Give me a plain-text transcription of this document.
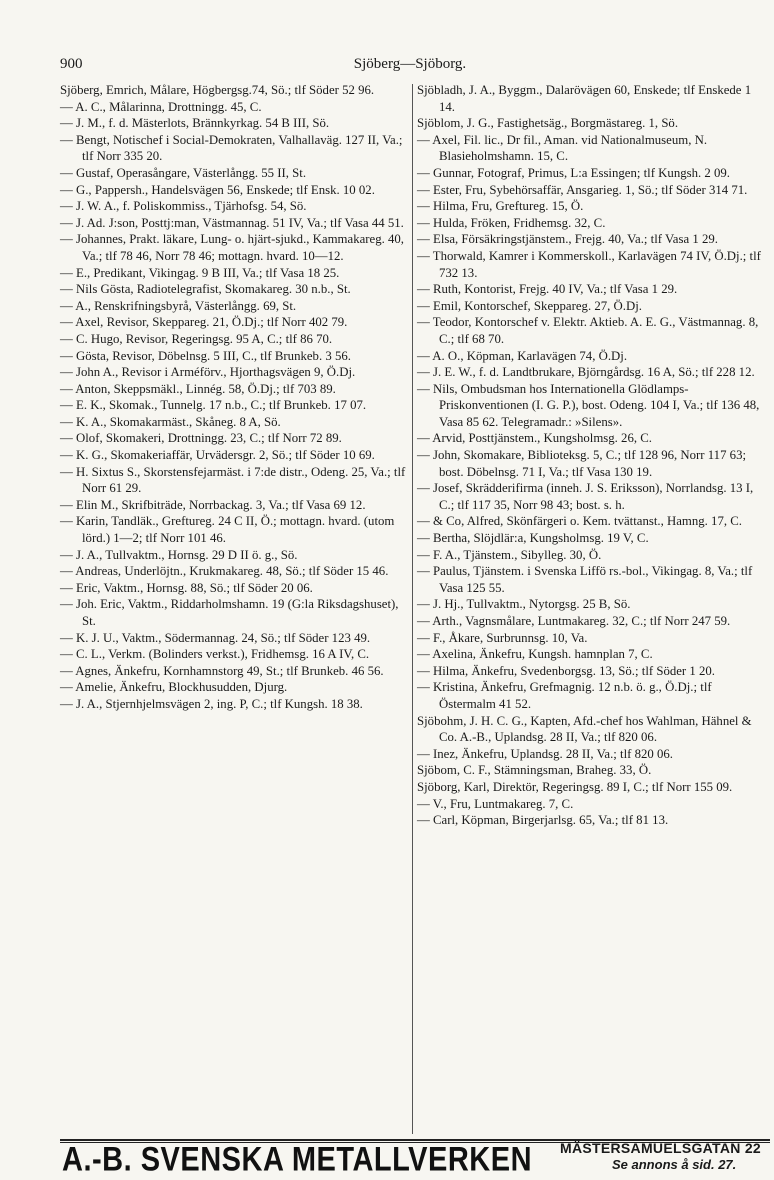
900	Sjöberg—Sjöborg.

Sjöberg, Emrich, Målare, Högbergsg.74, Sö.; tlf Söder 52 96.

— A. C., Målarinna, Drottningg. 45, C.

— J. M., f. d. Mästerlots, Brännkyrkag. 54 B III, Sö.

— Bengt, Notischef i Social-Demokraten, Valhallaväg. 127 II, Va.; tlf Norr 335 20.

— Gustaf, Operasångare, Västerlångg. 55 II, St.

— G., Pappersh., Handelsvägen 56, Enskede; tlf Ensk. 10 02.

— J. W. A., f. Poliskommiss., Tjärhofsg. 54, Sö.

— J. Ad. J:son, Posttj:man, Västmannag. 51 IV, Va.; tlf Vasa 44 51.

— Johannes, Prakt. läkare, Lung- o. hjärt-sjukd., Kammakareg. 40, Va.; tlf 78 46, Norr 78 46; mottagn. hvard. 10—12.

— E., Predikant, Vikingag. 9 B III, Va.; tlf Vasa 18 25.

— Nils Gösta, Radiotelegrafist, Skomakareg. 30 n.b., St.

— A., Renskrifningsbyrå, Västerlångg. 69, St.

— Axel, Revisor, Skeppareg. 21, Ö.Dj.; tlf Norr 402 79.

— C. Hugo, Revisor, Regeringsg. 95 A, C.; tlf 86 70.

— Gösta, Revisor, Döbelnsg. 5 III, C., tlf Brunkeb. 3 56.

— John A., Revisor i Arméförv., Hjorthagsvägen 9, Ö.Dj.

— Anton, Skeppsmäkl., Linnég. 58, Ö.Dj.; tlf 703 89.

— E. K., Skomak., Tunnelg. 17 n.b., C.; tlf Brunkeb. 17 07.

— K. A., Skomakarmäst., Skåneg. 8 A, Sö.

— Olof, Skomakeri, Drottningg. 23, C.; tlf Norr 72 89.

— K. G., Skomakeriaffär, Urvädersgr. 2, Sö.; tlf Söder 10 69.

— H. Sixtus S., Skorstensfejarmäst. i 7:de distr., Odeng. 25, Va.; tlf Norr 61 29.

— Elin M., Skrifbiträde, Norrbackag. 3, Va.; tlf Vasa 69 12.

— Karin, Tandläk., Greftureg. 24 C II, Ö.; mottagn. hvard. (utom lörd.) 1—2; tlf Norr 101 46.

— J. A., Tullvaktm., Hornsg. 29 D II ö. g., Sö.

— Andreas, Underlöjtn., Krukmakareg. 48, Sö.; tlf Söder 15 46.

— Eric, Vaktm., Hornsg. 88, Sö.; tlf Söder 20 06.

— Joh. Eric, Vaktm., Riddarholmshamn. 19 (G:la Riksdagshuset), St.

— K. J. U., Vaktm., Södermannag. 24, Sö.; tlf Söder 123 49.

— C. L., Verkm. (Bolinders verkst.), Fridhemsg. 16 A IV, C.

— Agnes, Änkefru, Kornhamnstorg 49, St.; tlf Brunkeb. 46 56.

— Amelie, Änkefru, Blockhusudden, Djurg.

— J. A., Stjernhjelmsvägen 2, ing. P, C.; tlf Kungsh. 18 38.

Sjöbladh, J. A., Byggm., Dalarövägen 60, Enskede; tlf Enskede 1 14.

Sjöblom, J. G., Fastighetsäg., Borgmästareg. 1, Sö.

— Axel, Fil. lic., Dr fil., Aman. vid Nationalmuseum, N. Blasieholmshamn. 15, C.

— Gunnar, Fotograf, Primus, L:a Essingen; tlf Kungsh. 2 09.

— Ester, Fru, Sybehörsaffär, Ansgarieg. 1, Sö.; tlf Söder 314 71.

— Hilma, Fru, Greftureg. 15, Ö.

— Hulda, Fröken, Fridhemsg. 32, C.

— Elsa, Försäkringstjänstem., Frejg. 40, Va.; tlf Vasa 1 29.

— Thorwald, Kamrer i Kommerskoll., Karlavägen 74 IV, Ö.Dj.; tlf 732 13.

— Ruth, Kontorist, Frejg. 40 IV, Va.; tlf Vasa 1 29.

— Emil, Kontorschef, Skeppareg. 27, Ö.Dj.

— Teodor, Kontorschef v. Elektr. Aktieb. A. E. G., Västmannag. 8, C.; tlf 68 70.

— A. O., Köpman, Karlavägen 74, Ö.Dj.

— J. E. W., f. d. Landtbrukare, Björngårdsg. 16 A, Sö.; tlf 228 12.

— Nils, Ombudsman hos Internationella Glödlamps-Priskonventionen (I. G. P.), bost. Odeng. 104 I, Va.; tlf 136 48, Vasa 85 62. Telegramadr.: »Silens».

— Arvid, Posttjänstem., Kungsholmsg. 26, C.

— John, Skomakare, Biblioteksg. 5, C.; tlf 128 96, Norr 117 63; bost. Döbelnsg. 71 I, Va.; tlf Vasa 130 19.

— Josef, Skrädderifirma (inneh. J. S. Eriksson), Norrlandsg. 13 I, C.; tlf 117 35, Norr 98 43; bost. s. h.

— & Co, Alfred, Skönfärgeri o. Kem. tvättanst., Hamng. 17, C.

— Bertha, Slöjdlär:a, Kungsholmsg. 19 V, C.

— F. A., Tjänstem., Sibylleg. 30, Ö.

— Paulus, Tjänstem. i Svenska Liffö rs.-bol., Vikingag. 8, Va.; tlf Vasa 125 55.

— J. Hj., Tullvaktm., Nytorgsg. 25 B, Sö.

— Arth., Vagnsmålare, Luntmakareg. 32, C.; tlf Norr 247 59.

— F., Åkare, Surbrunnsg. 10, Va.

— Axelina, Änkefru, Kungsh. hamnplan 7, C.

— Hilma, Änkefru, Svedenborgsg. 13, Sö.; tlf Söder 1 20.

— Kristina, Änkefru, Grefmagnig. 12 n.b. ö. g., Ö.Dj.; tlf Östermalm 41 52.

Sjöbohm, J. H. C. G., Kapten, Afd.-chef hos Wahlman, Hähnel & Co. A.-B., Uplandsg. 28 II, Va.; tlf 820 06.

— Inez, Änkefru, Uplandsg. 28 II, Va.; tlf 820 06.

Sjöbom, C. F., Stämningsman, Braheg. 33, Ö.

Sjöborg, Karl, Direktör, Regeringsg. 89 I, C.; tlf Norr 155 09.

— V., Fru, Luntmakareg. 7, C.

— Carl, Köpman, Birgerjarlsg. 65, Va.; tlf 81 13.

A.-B. SVENSKA METALLVERKEN MÄSTERSAMUELSGATAN 22
Se annons å sid. 27.
